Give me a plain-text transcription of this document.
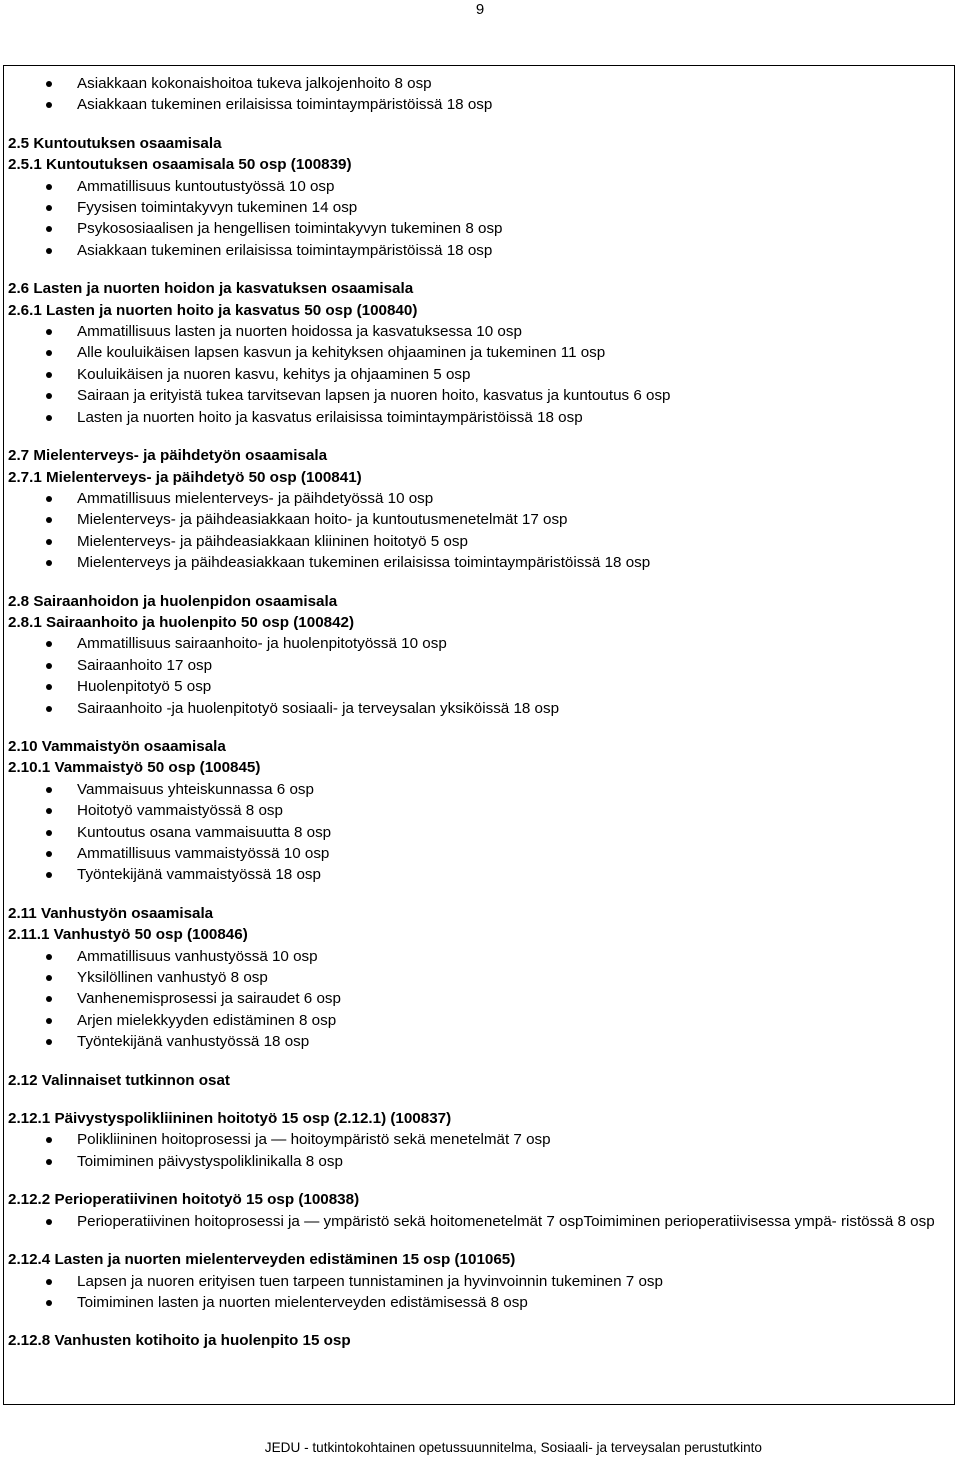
9
Asiakkaan kokonaishoitoa tukeva jalkojenhoito 8 osp
Asiakkaan tukeminen erilaisissa toimintaympäristöissä 18 osp
2.5 Kuntoutuksen osaamisala
2.5.1 Kuntoutuksen osaamisala 50 osp (100839)
Ammatillisuus kuntoutustyössä 10 osp
Fyysisen toimintakyvyn tukeminen 14 osp
Psykososiaalisen ja hengellisen toimintakyvyn tukeminen 8 osp
Asiakkaan tukeminen erilaisissa toimintaympäristöissä 18 osp
2.6 Lasten ja nuorten hoidon ja kasvatuksen osaamisala
2.6.1 Lasten ja nuorten hoito ja kasvatus 50 osp (100840)
Ammatillisuus lasten ja nuorten hoidossa ja kasvatuksessa 10 osp
Alle kouluikäisen lapsen kasvun ja kehityksen ohjaaminen ja tukeminen 11 osp
Kouluikäisen ja nuoren kasvu, kehitys ja ohjaaminen 5 osp
Sairaan ja erityistä tukea tarvitsevan lapsen ja nuoren hoito, kasvatus ja kuntoutus 6 osp
Lasten ja nuorten hoito ja kasvatus erilaisissa toimintaympäristöissä 18 osp
2.7 Mielenterveys- ja päihdetyön osaamisala
2.7.1 Mielenterveys- ja päihdetyö 50 osp (100841)
Ammatillisuus mielenterveys- ja päihdetyössä 10 osp
Mielenterveys- ja päihdeasiakkaan hoito- ja kuntoutusmenetelmät 17 osp
Mielenterveys- ja päihdeasiakkaan kliininen hoitotyö 5 osp
Mielenterveys ja päihdeasiakkaan tukeminen erilaisissa toimintaympäristöissä 18 osp
2.8 Sairaanhoidon ja huolenpidon osaamisala
2.8.1 Sairaanhoito ja huolenpito 50 osp (100842)
Ammatillisuus sairaanhoito- ja huolenpitotyössä 10 osp
Sairaanhoito 17 osp
Huolenpitotyö 5 osp
Sairaanhoito -ja huolenpitotyö sosiaali- ja terveysalan yksiköissä 18 osp
2.10 Vammaistyön osaamisala
2.10.1 Vammaistyö 50 osp (100845)
Vammaisuus yhteiskunnassa 6 osp
Hoitotyö vammaistyössä 8 osp
Kuntoutus osana vammaisuutta 8 osp
Ammatillisuus vammaistyössä 10 osp
Työntekijänä vammaistyössä 18 osp
2.11 Vanhustyön osaamisala
2.11.1 Vanhustyö 50 osp (100846)
Ammatillisuus vanhustyössä 10 osp
Yksilöllinen vanhustyö 8 osp
Vanhenemisprosessi ja sairaudet 6 osp
Arjen mielekkyyden edistäminen 8 osp
Työntekijänä vanhustyössä 18 osp
2.12 Valinnaiset tutkinnon osat
2.12.1 Päivystyspolikliininen hoitotyö 15 osp (2.12.1) (100837)
Polikliininen hoitoprosessi ja — hoitoympäristö sekä menetelmät 7 osp
Toimiminen päivystyspoliklinikalla 8 osp
2.12.2 Perioperatiivinen hoitotyö 15 osp (100838)
Perioperatiivinen hoitoprosessi ja — ympäristö sekä hoitomenetelmät 7 ospToimiminen perioperatiivisessa ympä- ristössä 8 osp
2.12.4 Lasten ja nuorten mielenterveyden edistäminen 15 osp (101065)
Lapsen ja nuoren erityisen tuen tarpeen tunnistaminen ja hyvinvoinnin tukeminen 7 osp
Toimiminen lasten ja nuorten mielenterveyden edistämisessä 8 osp
2.12.8 Vanhusten kotihoito ja huolenpito 15 osp
JEDU - tutkintokohtainen opetussuunnitelma, Sosiaali- ja terveysalan perustutkinto
